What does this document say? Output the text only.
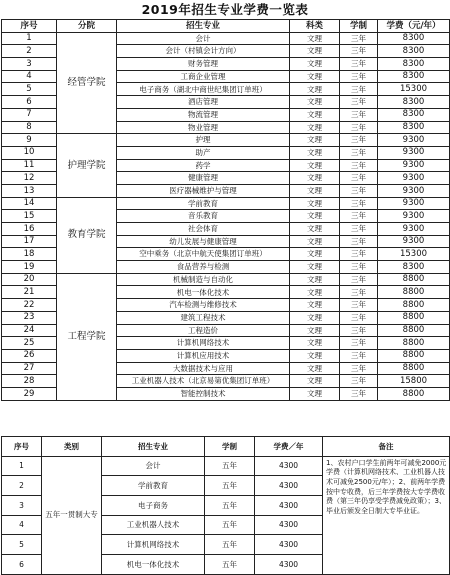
2019年招生专业学费一览表
序号	分院	招生专业	科类	学制	学费（元/年）
1	经管学院	会计	文理	三年	8300
2		会计（村镇会计方向）	文理	三年	8300
3		财务管理	文理	三年	8300
4		工商企业管理	文理	三年	8300
5		电子商务（湖北中商世纪集团订单班）	文理	三年	15300
6		酒店管理	文理	三年	8300
7		物流管理	文理	三年	8300
8		物业管理	文理	三年	8300
9	护理学院	护理	文理	三年	9300
10		助产	文理	三年	9300
11		药学	文理	三年	9300
12		健康管理	文理	三年	9300
13		医疗器械维护与管理	文理	三年	9300
14	教育学院	学前教育	文理	三年	9300
15		音乐教育	文理	三年	9300
16		社会体育	文理	三年	9300
17		幼儿发展与健康管理	文理	三年	9300
18		空中乘务（北京中航天使集团订单班）	文理	三年	15300
19		食品营养与检测	文理	三年	8300
20	工程学院	机械制造与自动化	文理	三年	8800
21		机电一体化技术	文理	三年	8800
22		汽车检测与维修技术	文理	三年	8800
23		建筑工程技术	文理	三年	8800
24		工程造价	文理	三年	8800
25		计算机网络技术	文理	三年	8800
26		计算机应用技术	文理	三年	8800
27		大数据技术与应用	文理	三年	8800
28		工业机器人技术（北京易第优集团订单班）	文理	三年	15800
29		智能控制技术	文理	三年	8800
序号	类别	招生专业	学制	学费／年	备注
1	五年一贯制大专	会计	五年	4300	1、农村户口学生前两年可减免2000元学费（计算机网络技术、工业机器人技术可减免2500元/年）；2、前两年学费按中专收费，后三年学费按大专学费收费（第三年仍享受学费减免政策）；3、毕业后颁发全日制大专毕业证。
2		学前教育	五年	4300	
3		电子商务	五年	4300	
4		工业机器人技术	五年	4300	
5		计算机网络技术	五年	4300	
6		机电一体化技术	五年	4300	
